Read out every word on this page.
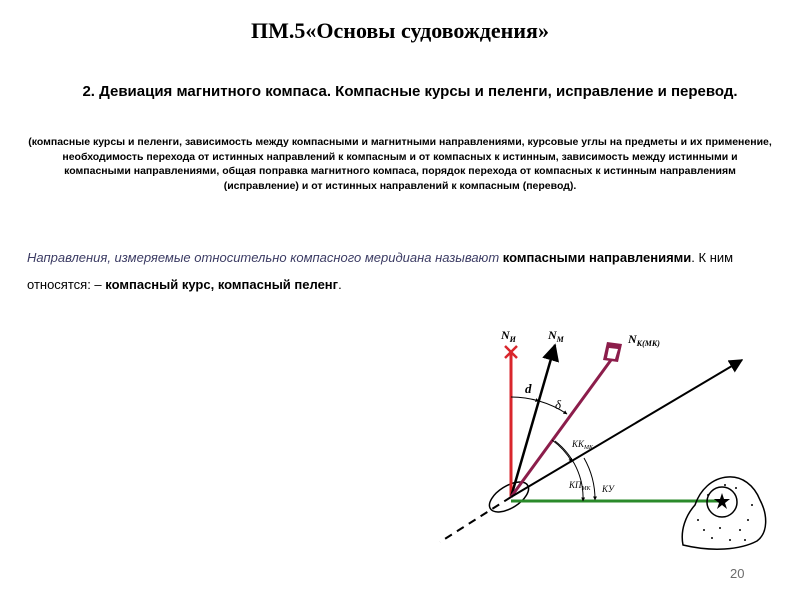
ПМ.5«Основы судовождения»
2. Девиация магнитного компаса. Компасные курсы и пеленги, исправление и перевод.
(компасные курсы и пеленги, зависимость между компасными и магнитными направлениями, курсовые углы на предметы и их применение, необходимость перехода от истинных направлений к компасным и от компасных к истинным, зависимость между истинными и компасными направлениями, общая поправка магнитного компаса, порядок перехода от компасных к истинным направлениям (исправление) и от истинных направлений к компасным (перевод).
Направления, измеряемые относительно компасного меридиана называют компасными направлениями. К ним относятся: – компасный курс, компасный пеленг.
$N_И$	$N_М$	$N_{К(МК)}$
d
δ
$КК_{МК}$
$КП_{МК}$ КУ
20
